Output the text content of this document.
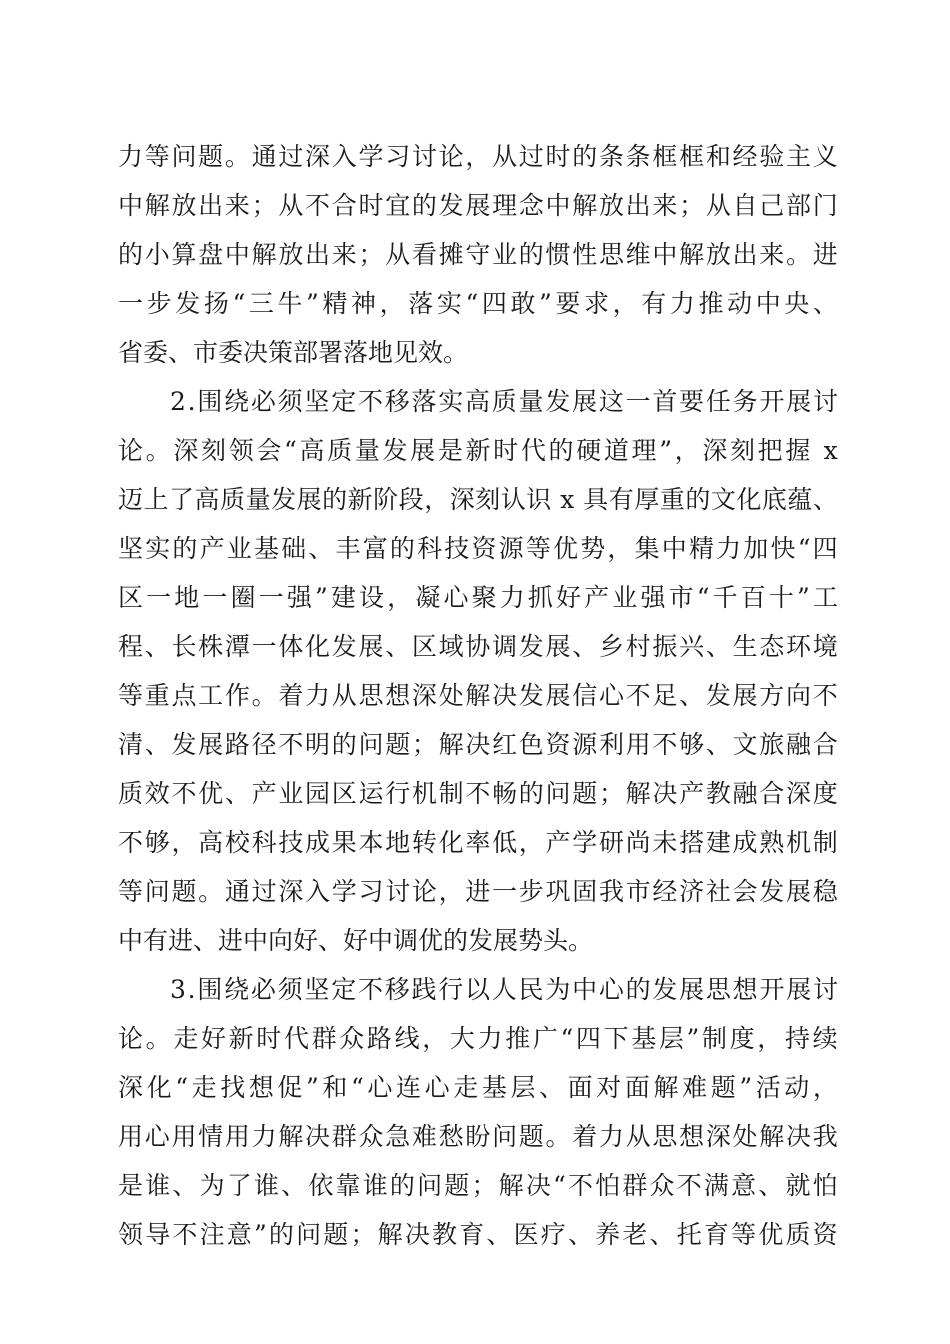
力 等 问 题 。 通 过 深 入 学 习 讨 论 ， 从 过 时 的 条 条 框 框 和 经 验 主 义
中 解 放 出 来 ； 从 不 合 时 宜 的 发 展 理 念 中 解 放 出 来 ； 从 自 己 部 门
的 小 算 盘 中 解 放 出 来 ； 从 看 摊 守 业 的 惯 性 思 维 中 解 放 出 来 。 进
一 步 发 扬 “ 三 牛 ” 精 神 ， 落 实 “ 四 敢 ” 要 求 ， 有 力 推 动 中 央 、
省委、市委决策部署落地见效。
2 . 围 绕 必 须 坚 定 不 移 落 实 高 质 量 发 展 这 一 首 要 任 务 开 展 讨
论 。 深 刻 领 会 “ 高 质 量 发 展 是 新 时 代 的 硬 道 理 ” ， 深 刻 把 握
x
迈 上 了 高 质 量 发 展 的 新 阶 段 ， 深 刻 认 识
x
具 有 厚 重 的 文 化 底 蕴 、
坚 实 的 产 业 基 础 、 丰 富 的 科 技 资 源 等 优 势 ， 集 中 精 力 加 快 “ 四
区 一 地 一 圈 一 强 ” 建 设 ， 凝 心 聚 力 抓 好 产 业 强 市 “ 千 百 十 ” 工
程 、 长 株 潭 一 体 化 发 展 、 区 域 协 调 发 展 、 乡 村 振 兴 、 生 态 环 境
等 重 点 工 作 。 着 力 从 思 想 深 处 解 决 发 展 信 心 不 足 、 发 展 方 向 不
清 、 发 展 路 径 不 明 的 问 题 ； 解 决 红 色 资 源 利 用 不 够 、 文 旅 融 合
质 效 不 优 、 产 业 园 区 运 行 机 制 不 畅 的 问 题 ； 解 决 产 教 融 合 深 度
不 够 ， 高 校 科 技 成 果 本 地 转 化 率 低 ， 产 学 研 尚 未 搭 建 成 熟 机 制
等 问 题 。 通 过 深 入 学 习 讨 论 ， 进 一 步 巩 固 我 市 经 济 社 会 发 展 稳
中有进、进中向好、好中调优的发展势头。
3 . 围 绕 必 须 坚 定 不 移 践 行 以 人 民 为 中 心 的 发 展 思 想 开 展 讨
论 。 走 好 新 时 代 群 众 路 线 ， 大 力 推 广 “ 四 下 基 层 ” 制 度 ， 持 续
深 化 “ 走 找 想 促 ” 和 “ 心 连 心 走 基 层 、 面 对 面 解 难 题 ” 活 动 ，
用 心 用 情 用 力 解 决 群 众 急 难 愁 盼 问 题 。 着 力 从 思 想 深 处 解 决 我
是 谁 、 为 了 谁 、 依 靠 谁 的 问 题 ； 解 决 “ 不 怕 群 众 不 满 意 、 就 怕
领 导 不 注 意 ” 的 问 题 ； 解 决 教 育 、 医 疗 、 养 老 、 托 育 等 优 质 资
